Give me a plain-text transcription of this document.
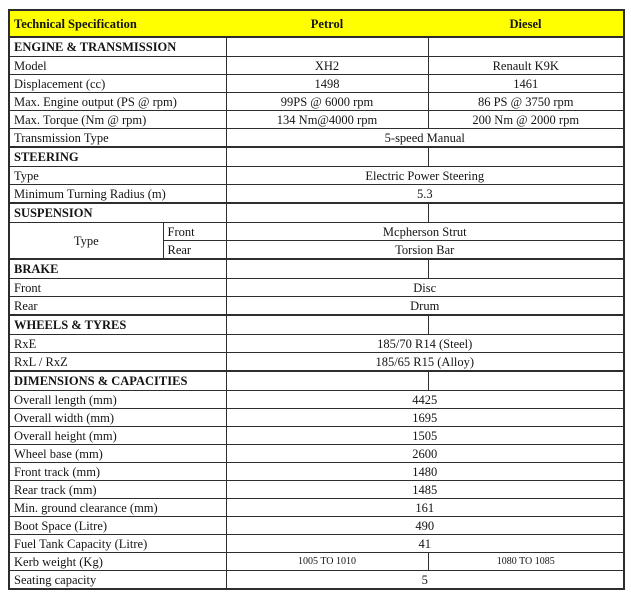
Technical Specification		Petrol	Diesel
ENGINE & TRANSMISSION			
Model		XH2	Renault K9K
Displacement (cc)		1498	1461
Max. Engine output (PS @ rpm)		99PS @ 6000 rpm	86 PS @ 3750 rpm
Max. Torque (Nm @ rpm)		134 Nm@4000 rpm	200 Nm @ 2000 rpm
Transmission Type		5-speed Manual	
STEERING			
Type		Electric Power Steering	
Minimum Turning Radius (m)		5.3	
SUSPENSION			
Type	Front	Mcpherson Strut	
	Rear	Torsion Bar	
BRAKE			
Front		Disc	
Rear		Drum	
WHEELS & TYRES			
RxE		185/70 R14 (Steel)	
RxL / RxZ		185/65 R15 (Alloy)	
DIMENSIONS & CAPACITIES			
Overall length (mm)		4425	
Overall width (mm)		1695	
Overall height (mm)		1505	
Wheel base (mm)		2600	
Front track (mm)		1480	
Rear track (mm)		1485	
Min. ground clearance (mm)		161	
Boot Space (Litre)		490	
Fuel Tank Capacity (Litre)		41	
Kerb weight (Kg)		1005 TO 1010	1080 TO 1085
Seating capacity		5	
